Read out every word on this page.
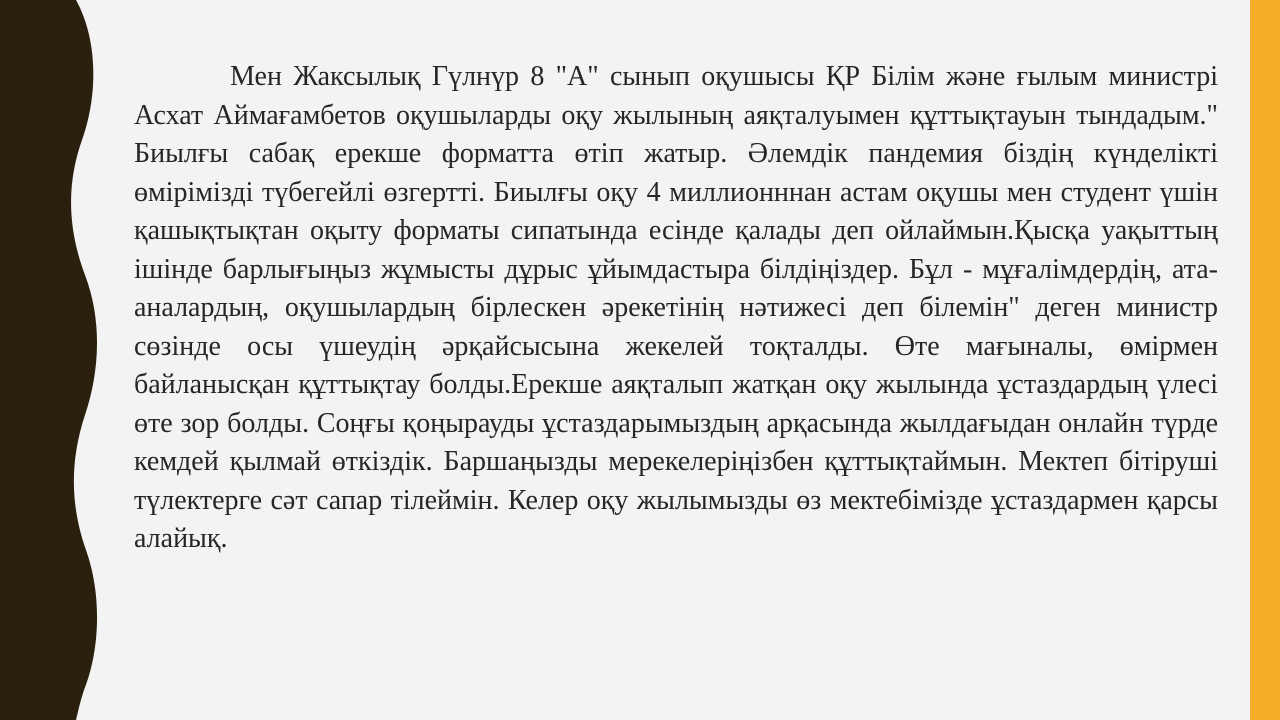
Мен Жаксылық Гүлнүр 8 "А" сынып оқушысы ҚР Білім және ғылым министрі Асхат Аймағамбетов оқушыларды оқу жылының аяқталуымен құттықтауын тындадым." Биылғы сабақ ерекше форматта өтіп жатыр. Әлемдік пандемия біздің күнделікті өмірімізді түбегейлі өзгертті. Биылғы оқу 4 миллионннан астам оқушы мен студент үшін қашықтықтан оқыту форматы сипатында есінде қалады деп ойлаймын.Қысқа уақыттың ішінде барлығыңыз жұмысты дұрыс ұйымдастыра білдіңіздер. Бұл - мұғалімдердің, ата-аналардың, оқушылардың бірлескен әрекетінің нәтижесі деп білемін" деген министр сөзінде осы үшеудің әрқайсысына жекелей тоқталды. Өте мағыналы, өмірмен байланысқан құттықтау болды.Ерекше аяқталып жатқан оқу жылында ұстаздардың үлесі өте зор болды. Соңғы қоңырауды ұстаздарымыздың арқасында жылдағыдан онлайн түрде кемдей қылмай өткіздік. Баршаңызды мерекелеріңізбен құттықтаймын. Мектеп бітіруші түлектерге сәт сапар тілеймін. Келер оқу жылымызды өз мектебімізде ұстаздармен қарсы алайық.
